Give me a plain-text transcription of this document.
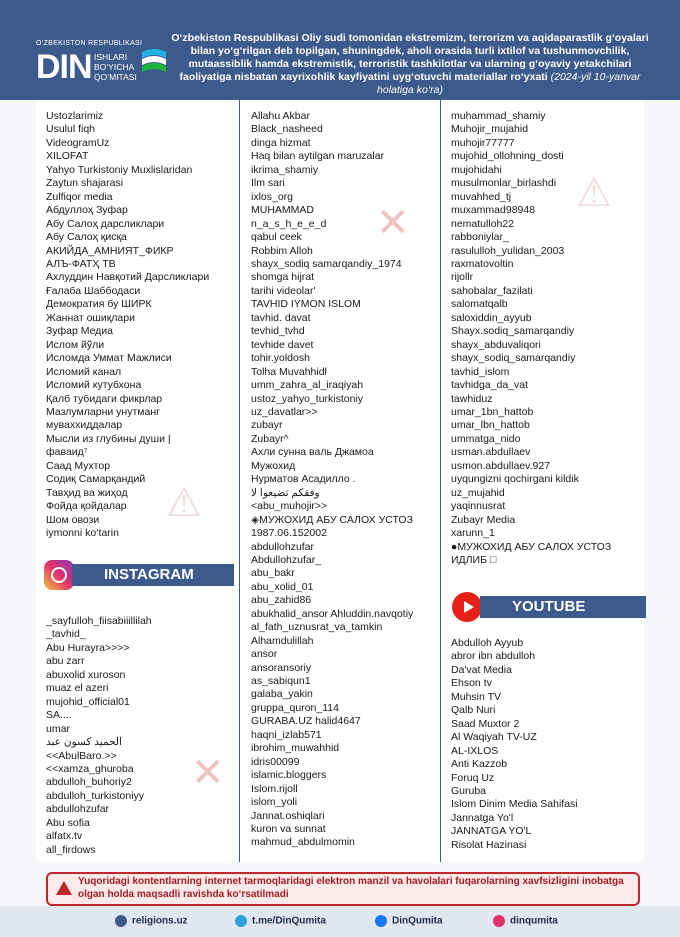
O‘ZBEKISTON RESPUBLIKASI
DIN ISHLARI
BO‘YICHA
QO‘MITASI
O‘zbekiston Respublikasi Oliy sudi tomonidan ekstremizm, terrorizm va aqidaparastlik g‘oyalari bilan yo‘g‘rilgan deb topilgan, shuningdek, aholi orasida turli ixtilof va tushunmovchilik, mutaassiblik hamda ekstremistik, terroristik tashkilotlar va ularning g‘oyaviy yetakchilari faoliyatiga nisbatan xayrixohlik kayfiyatini uyg‘otuvchi materiallar ro‘yxati (2024-yil 10-yanvar holatiga ko‘ra)
⚠
✕
✕
⚠
Ustozlarimiz
Usulul fiqh
VideogramUz
XILOFAT
Yahyo Turkistoniy Muxlislaridan
Zaytun shajarasi
Zulfiqor media
Абдуллоҳ Зуфар
Абу Салоҳ дарсликлари
Абу Салоҳ қисқа
АКИЙДА_АМНИЯТ_ФИКР
АЛЪ-ФАТҲ ТВ
Ахлуддин Навқотий Дарсликлари
Ғалаба Шаббодаси
Демократия бу ШИРК
Жаннат ошиқлари
Зуфар Медиа
Ислом йўли
Исломда Уммат Мажлиси
Исломий канал
Исломий кутубхона
Қалб тубидаги фикрлар
Мазлумларни унутманг
муваххиддалар
Мысли из глубины души |
фаваид⁷
Саад Мухтор
Содиқ Самарқандий
Тавҳид ва жиҳод
Фойда қойдалар
Шом овози
iymonni ko‘tarin
Allahu Akbar
Black_nasheed
dinga hizmat
Haq bilan aytilgan maruzalar
ikrima_shamiy
Ilm sari
ixlos_org
MUHAMMAD
n_a_s_h_e_e_d
qabul ceek
Robbim Alloh
shayx_sodiq samarqandiy_1974
shomga hijrat
tarihi videolar'
TAVHID IYMON ISLOM
tavhid. davat
tevhid_tvhd
tevhide davet
tohir.yoldosh
Tolha Muvahhidl
umm_zahra_al_iraqiyah
ustoz_yahyo_turkistoniy
uz_davatlar>>
zubayr
Zubayr^
Ахли сунна валь Джамоа
Мужохид
Нурматов Асадилло .
وفقكم تضيعوا لا
<abu_muhojir>>
◈МУЖОХИД АБУ САЛОХ УСТОЗ
1987.06.152002
abdullohzufar
Abdullohzufar_
abu_bakr
abu_xolid_01
abu_zahid86
abukhalid_ansor Ahluddin.navqotiy
al_fath_uznusrat_va_tamkin
Alhamdulillah
ansor
ansoransoriy
as_sabiqun1
galaba_yakin
gruppa_quron_114
GURABA.UZ halid4647
haqni_izlab571
ibrohim_muwahhid
idris00099
islamic.bloggers
Islom.rijoll
islom_yoli
Jannat.oshiqlari
kuron va sunnat
mahmud_abdulmomin
muhammad_shamiy
Muhojir_mujahid
muhojir77777
mujohid_ollohning_dosti
mujohidahi
musulmonlar_birlashdi
muvahhed_tj
muxammad98948
nematulloh22
rabboniylar_
rasululloh_yulidan_2003
raxmatovoltin
rijollr
sahobalar_fazilati
salomatqalb
saloxiddin_ayyub
Shayx.sodiq_samarqandiy
shayx_abduvaliqori
shayx_sodiq_samarqandiy
tavhid_islom
tavhidga_da_vat
tawhiduz
umar_1bn_hattob
umar_lbn_hattob
ummatga_nido
usman.abdullaev
usmon.abdullaev.927
uyqungizni qochirgani kildik
uz_mujahid
yaqinnusrat
Zubayr Media
xarunn_1
●МУЖОХИД АБУ САЛОХ УСТОЗ
ИДЛИБ □
INSTAGRAM
_sayfulloh_fiisabiiillilah
_tavhid_
Abu Hurayra>>>>
abu zarr
abuxolid xuroson
muaz el azeri
mujohid_official01
SA....
umar
الحميد كسون عبد
<<AbulBaro.>>
<<xamza_ghuroba
abdulloh_buhoriy2
abdulloh_turkistoniyy
abdullohzufar
Abu sofia
alfatx.tv
all_firdows
YOUTUBE
Abdulloh Ayyub
abror ibn abdulloh
Da'vat Media
Ehson tv
Muhsin TV
Qalb Nuri
Saad Muxtor 2
Al Waqiyah TV-UZ
AL-IXLOS
Anti Kazzob
Foruq Uz
Guruba
Islom Dinim Media Sahifasi
Jannatga Yo'l
JANNATGA YO'L
Risolat Hazinasi
Yuqoridagi kontentlarning internet tarmoqlaridagi elektron manzil va havolalari fuqarolarning xavfsizligini inobatga olgan holda maqsadli ravishda ko‘rsatilmadi
religions.uz	t.me/DinQumita	DinQumita	dinqumita
